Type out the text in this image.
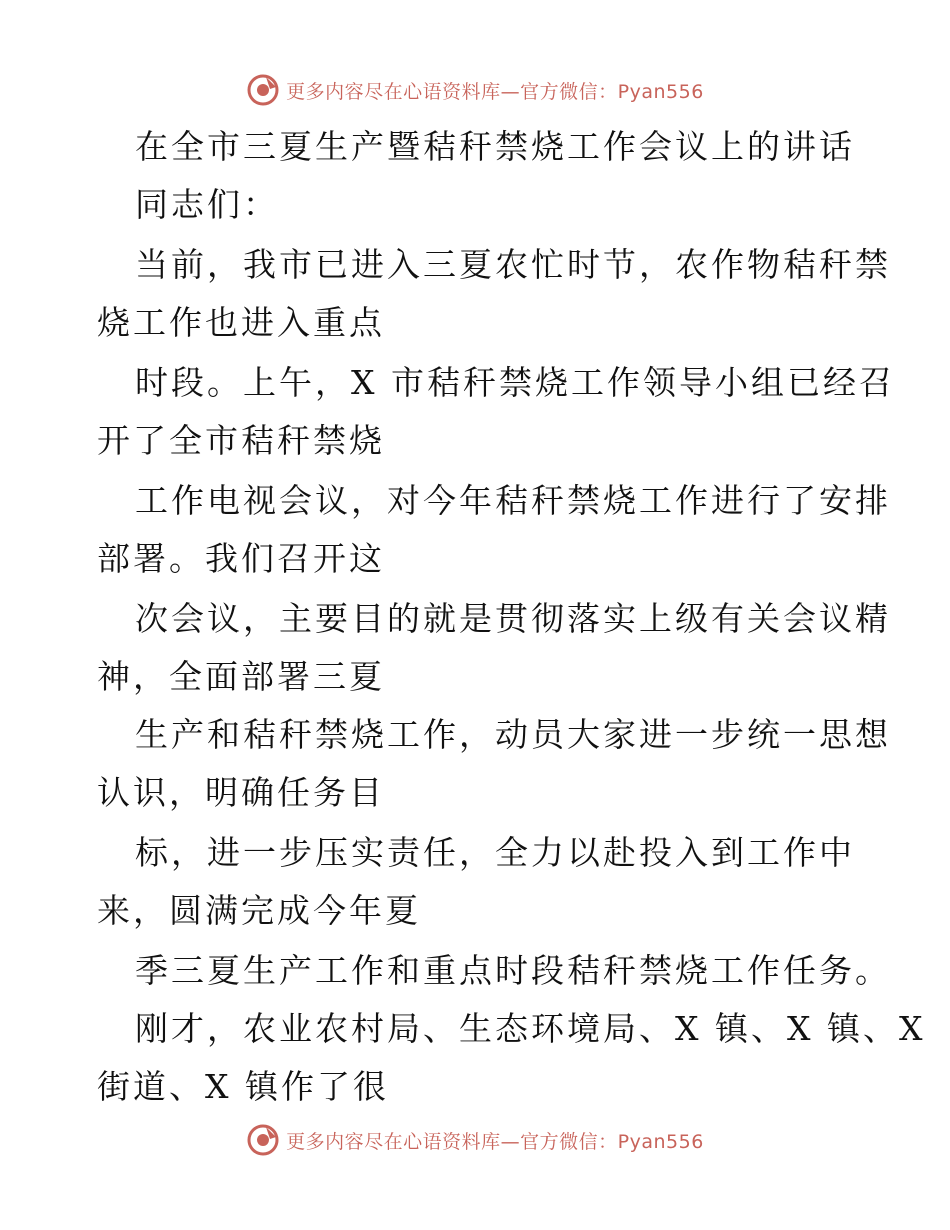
更多内容尽在心语资料库—官方微信：Pyan556
在全市三夏生产暨秸秆禁烧工作会议上的讲话
同志们：
当前，我市已进入三夏农忙时节，农作物秸秆禁
烧工作也进入重点
时段。上午，X 市秸秆禁烧工作领导小组已经召
开了全市秸秆禁烧
工作电视会议，对今年秸秆禁烧工作进行了安排
部署。我们召开这
次会议，主要目的就是贯彻落实上级有关会议精
神，全面部署三夏
生产和秸秆禁烧工作，动员大家进一步统一思想
认识，明确任务目
标，进一步压实责任，全力以赴投入到工作中
来，圆满完成今年夏
季三夏生产工作和重点时段秸秆禁烧工作任务。
刚才，农业农村局、生态环境局、X 镇、X 镇、X
街道、X 镇作了很
更多内容尽在心语资料库—官方微信：Pyan556
